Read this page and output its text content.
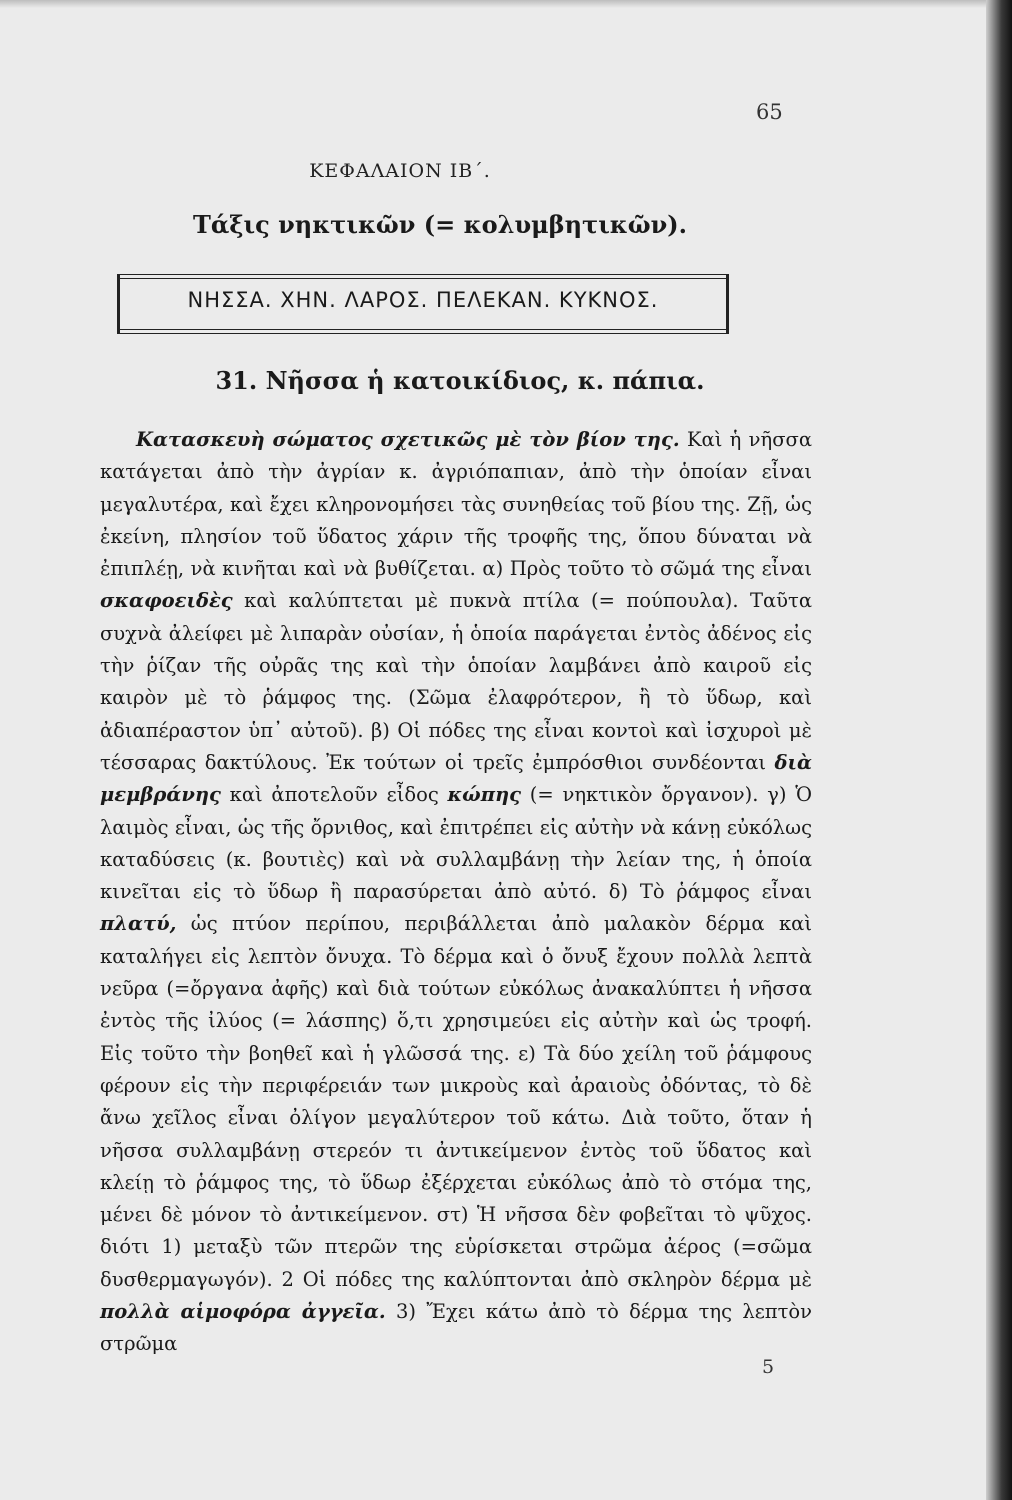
65
ΚΕΦΑΛΑΙΟΝ ΙΒ΄.
Τάξις νηκτικῶν (= κολυμβητικῶν).
ΝΗΣΣΑ. ΧΗΝ. ΛΑΡΟΣ. ΠΕΛΕΚΑΝ. ΚΥΚΝΟΣ.
31. Νῆσσα ἡ κατοικίδιος, κ. πάπια.

Κατασκευὴ σώματος σχετικῶς μὲ τὸν βίον της. Καὶ ἡ νῆσσα κατάγεται ἀπὸ τὴν ἀγρίαν κ. ἀγριόπαπιαν, ἀπὸ τὴν ὁποίαν εἶναι μεγαλυτέρα, καὶ ἔχει κληρονομήσει τὰς συνηθείας τοῦ βίου της. Ζῇ, ὡς ἐκείνη, πλησίον τοῦ ὕδατος χάριν τῆς τροφῆς της, ὅπου δύναται νὰ ἐπιπλέῃ, νὰ κινῆται καὶ νὰ βυθίζεται. α) Πρὸς τοῦτο τὸ σῶμά της εἶναι σκαφοειδὲς καὶ καλύπτεται μὲ πυκνὰ πτίλα (= πούπουλα). Ταῦτα συχνὰ ἀλείφει μὲ λιπαρὰν οὐσίαν, ἡ ὁποία παράγεται ἐντὸς ἀδένος εἰς τὴν ῥίζαν τῆς οὐρᾶς της καὶ τὴν ὁποίαν λαμβάνει ἀπὸ καιροῦ εἰς καιρὸν μὲ τὸ ῥάμφος της. (Σῶμα ἐλαφρότερον, ἢ τὸ ὕδωρ, καὶ ἀδιαπέραστον ὑπ᾽ αὐτοῦ). β) Οἱ πόδες της εἶναι κοντοὶ καὶ ἰσχυροὶ μὲ τέσσαρας δακτύλους. Ἐκ τούτων οἱ τρεῖς ἐμπρόσθιοι συνδέονται διὰ μεμβράνης καὶ ἀποτελοῦν εἶδος κώπης (= νηκτικὸν ὄργανον). γ) Ὁ λαιμὸς εἶναι, ὡς τῆς ὄρνιθος, καὶ ἐπιτρέπει εἰς αὐτὴν νὰ κάνῃ εὐκόλως καταδύσεις (κ. βουτιὲς) καὶ νὰ συλλαμβάνῃ τὴν λείαν της, ἡ ὁποία κινεῖται εἰς τὸ ὕδωρ ἢ παρασύρεται ἀπὸ αὐτό. δ) Τὸ ῥάμφος εἶναι πλατύ, ὡς πτύον περίπου, περιβάλλεται ἀπὸ μαλακὸν δέρμα καὶ καταλήγει εἰς λεπτὸν ὄνυχα. Τὸ δέρμα καὶ ὁ ὄνυξ ἔχουν πολλὰ λεπτὰ νεῦρα (=ὄργανα ἀφῆς) καὶ διὰ τούτων εὐκόλως ἀνακαλύπτει ἡ νῆσσα ἐντὸς τῆς ἰλύος (= λάσπης) ὅ,τι χρησιμεύει εἰς αὐτὴν καὶ ὡς τροφή. Εἰς τοῦτο τὴν βοηθεῖ καὶ ἡ γλῶσσά της. ε) Τὰ δύο χείλη τοῦ ῥάμφους φέρουν εἰς τὴν περιφέρειάν των μικροὺς καὶ ἀραιοὺς ὀδόντας, τὸ δὲ ἄνω χεῖλος εἶναι ὀλίγον μεγαλύτερον τοῦ κάτω. Διὰ τοῦτο, ὅταν ἡ νῆσσα συλλαμβάνῃ στερεόν τι ἀντικείμενον ἐντὸς τοῦ ὕδατος καὶ κλείῃ τὸ ῥάμφος της, τὸ ὕδωρ ἐξέρχεται εὐκόλως ἀπὸ τὸ στόμα της, μένει δὲ μόνον τὸ ἀντικείμενον. στ) Ἡ νῆσσα δὲν φοβεῖται τὸ ψῦχος. διότι 1) μεταξὺ τῶν πτερῶν της εὑρίσκεται στρῶμα ἀέρος (=σῶμα δυσθερμαγωγόν). 2 Οἱ πόδες της καλύπτονται ἀπὸ σκληρὸν δέρμα μὲ πολλὰ αἱμοφόρα ἀγγεῖα. 3) Ἔχει κάτω ἀπὸ τὸ δέρμα της λεπτὸν στρῶμα

5
